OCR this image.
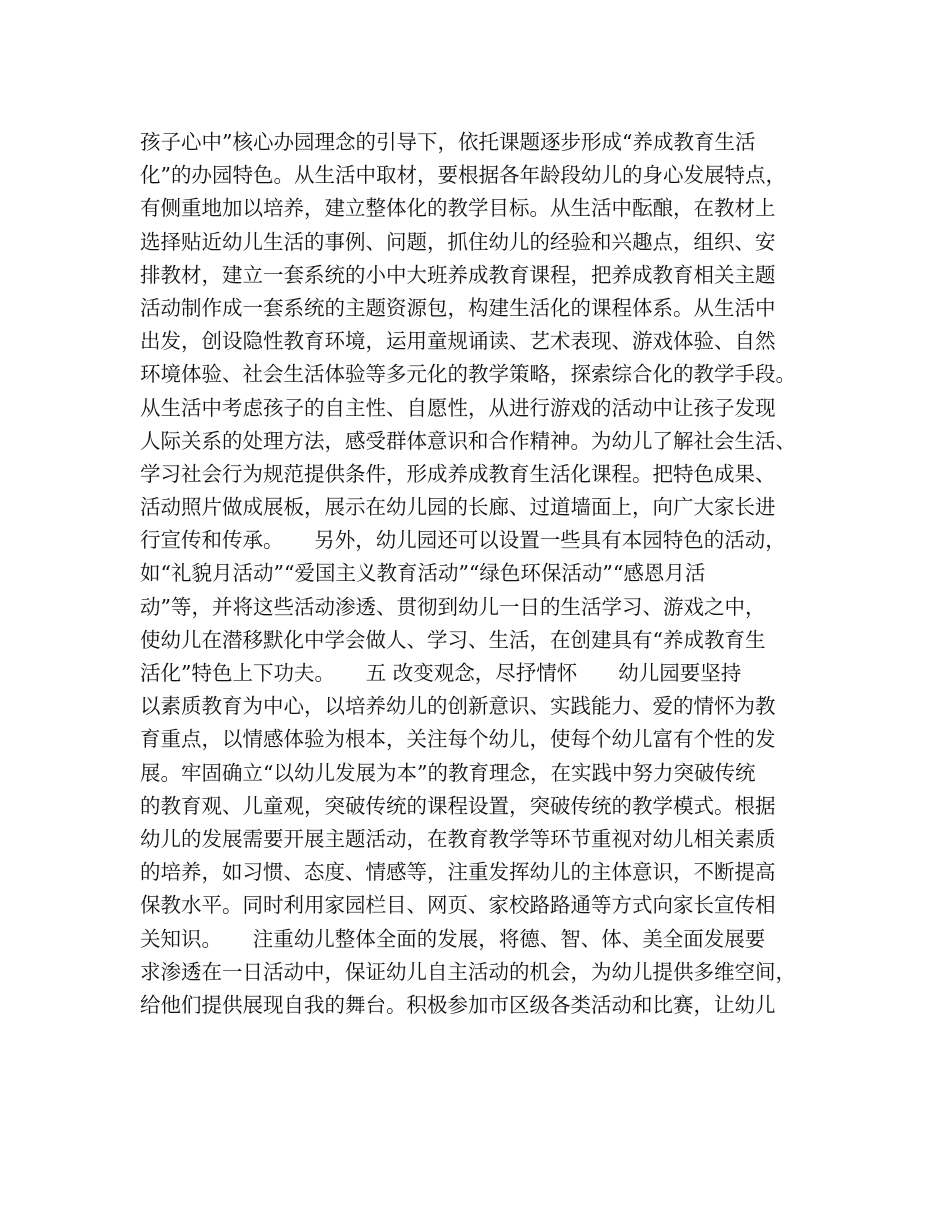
孩子心中”核心办园理念的引导下，依托课题逐步形成“养成教育生活
化”的办园特色。从生活中取材，要根据各年龄段幼儿的身心发展特点，
有侧重地加以培养，建立整体化的教学目标。从生活中酝酿，在教材上
选择贴近幼儿生活的事例、问题，抓住幼儿的经验和兴趣点，组织、安
排教材，建立一套系统的小中大班养成教育课程，把养成教育相关主题
活动制作成一套系统的主题资源包，构建生活化的课程体系。从生活中
出发，创设隐性教育环境，运用童规诵读、艺术表现、游戏体验、自然
环境体验、社会生活体验等多元化的教学策略，探索综合化的教学手段。
从生活中考虑孩子的自主性、自愿性，从进行游戏的活动中让孩子发现
人际关系的处理方法，感受群体意识和合作精神。为幼儿了解社会生活、
学习社会行为规范提供条件，形成养成教育生活化课程。把特色成果、
活动照片做成展板，展示在幼儿园的长廊、过道墙面上，向广大家长进
行宣传和传承。　　另外，幼儿园还可以设置一些具有本园特色的活动，
如“礼貌月活动”“爱国主义教育活动”“绿色环保活动”“感恩月活
动”等，并将这些活动渗透、贯彻到幼儿一日的生活学习、游戏之中，
使幼儿在潜移默化中学会做人、学习、生活，在创建具有“养成教育生
活化”特色上下功夫。　　五 改变观念，尽抒情怀　　幼儿园要坚持
以素质教育为中心，以培养幼儿的创新意识、实践能力、爱的情怀为教
育重点，以情感体验为根本，关注每个幼儿，使每个幼儿富有个性的发
展。牢固确立“以幼儿发展为本”的教育理念，在实践中努力突破传统
的教育观、儿童观，突破传统的课程设置，突破传统的教学模式。根据
幼儿的发展需要开展主题活动，在教育教学等环节重视对幼儿相关素质
的培养，如习惯、态度、情感等，注重发挥幼儿的主体意识，不断提高
保教水平。同时利用家园栏目、网页、家校路路通等方式向家长宣传相
关知识。　　注重幼儿整体全面的发展，将德、智、体、美全面发展要
求渗透在一日活动中，保证幼儿自主活动的机会，为幼儿提供多维空间，
给他们提供展现自我的舞台。积极参加市区级各类活动和比赛，让幼儿
